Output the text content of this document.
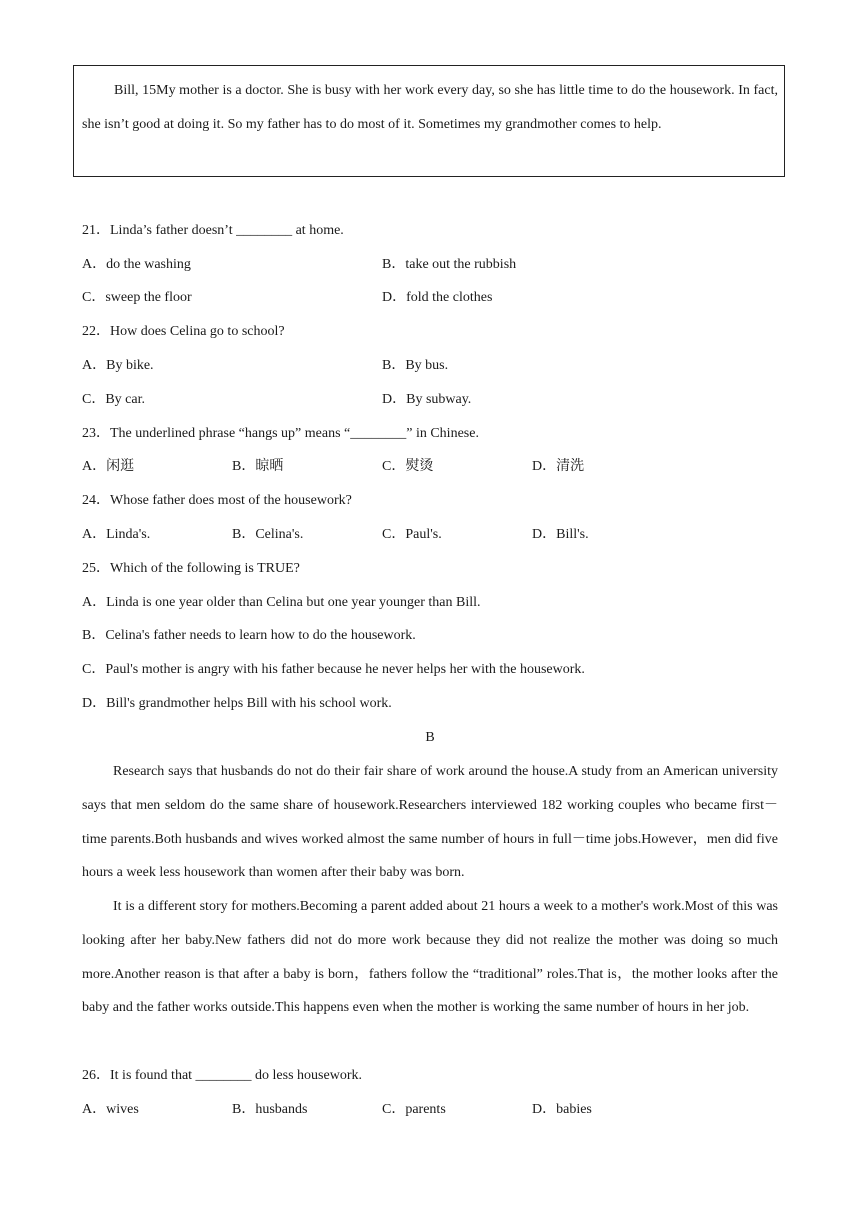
Bill, 15My mother is a doctor. She is busy with her work every day, so she has little time to do the housework. In fact, she isn’t good at doing it. So my father has to do most of it. Sometimes my grandmother comes to help.
21．Linda’s father doesn’t ________ at home.
A．do the washing	B．take out the rubbish
C．sweep the floor	D．fold the clothes
22．How does Celina go to school?
A．By bike.	B．By bus.
C．By car.	D．By subway.
23．The underlined phrase “hangs up” means “________” in Chinese.
A．闲逛	B．晾晒	C．熨烫	D．清洗
24．Whose father does most of the housework?
A．Linda's.	B．Celina's.	C．Paul's.	D．Bill's.
25．Which of the following is TRUE?
A．Linda is one year older than Celina but one year younger than Bill.
B．Celina's father needs to learn how to do the housework.
C．Paul's mother is angry with his father because he never helps her with the housework.
D．Bill's grandmother helps Bill with his school work.
B
Research says that husbands do not do their fair share of work around the house.A study from an American university says that men seldom do the same share of housework.Researchers interviewed 182 working couples who became first－time parents.Both husbands and wives worked almost the same number of hours in full－time jobs.However，men did five hours a week less housework than women after their baby was born.
It is a different story for mothers.Becoming a parent added about 21 hours a week to a mother's work.Most of this was looking after her baby.New fathers did not do more work because they did not realize the mother was doing so much more.Another reason is that after a baby is born，fathers follow the “traditional” roles.That is，the mother looks after the baby and the father works outside.This happens even when the mother is working the same number of hours in her job.
26．It is found that ________ do less housework.
A．wives	B．husbands	C．parents	D．babies
